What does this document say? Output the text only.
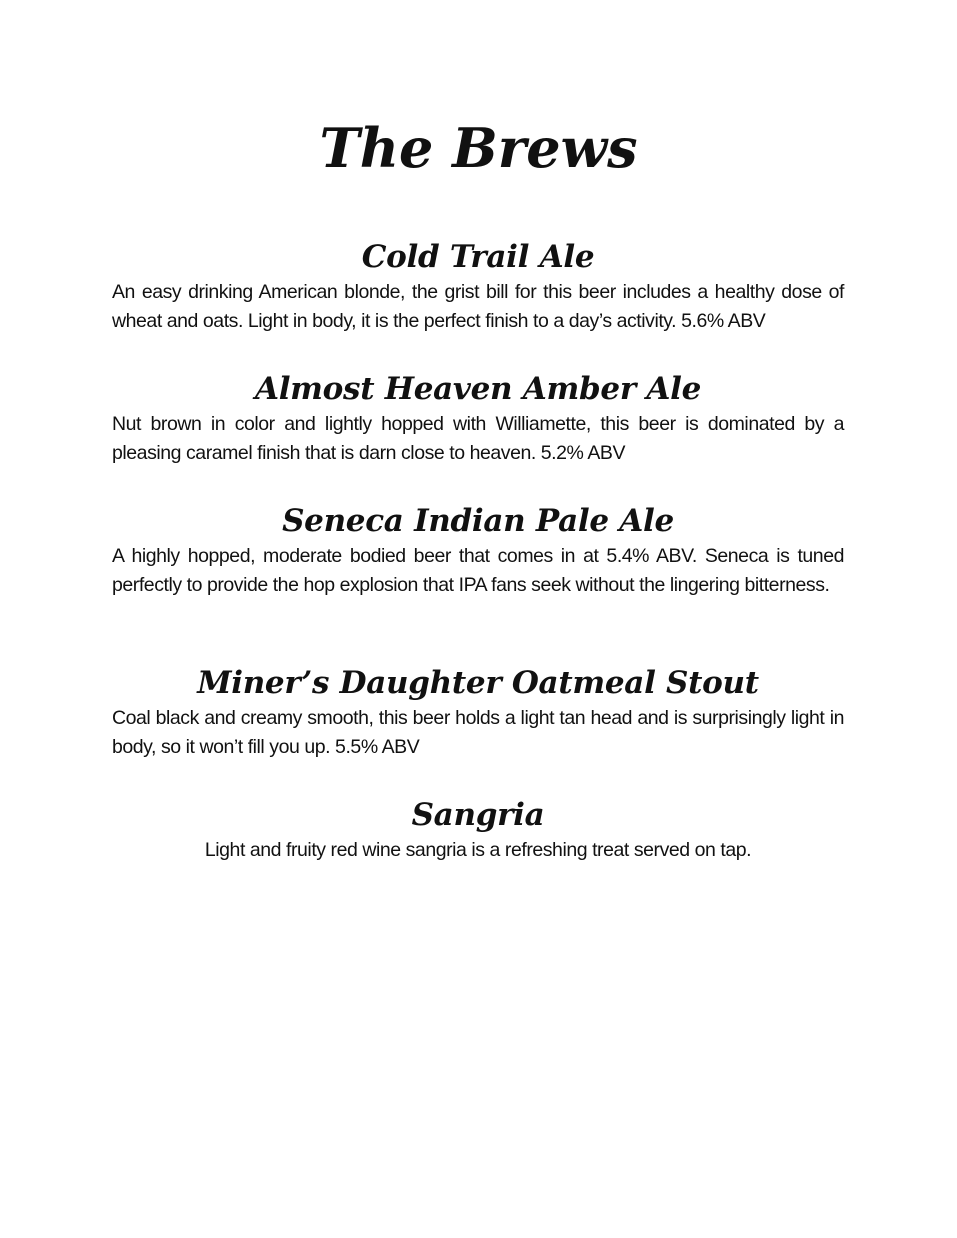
The Brews
Cold Trail Ale

An easy drinking American blonde, the grist bill for this beer includes a healthy dose of wheat and oats. Light in body, it is the perfect finish to a day’s activity. 5.6% ABV

Almost Heaven Amber Ale

Nut brown in color and lightly hopped with Williamette, this beer is dominated by a pleasing caramel finish that is darn close to heaven. 5.2% ABV

Seneca Indian Pale Ale

A highly hopped, moderate bodied beer that comes in at 5.4% ABV. Seneca is tuned perfectly to provide the hop explosion that IPA fans seek without the lingering bitterness.

Miner’s Daughter Oatmeal Stout

Coal black and creamy smooth, this beer holds a light tan head and is surprisingly light in body, so it won’t fill you up. 5.5% ABV

Sangria

Light and fruity red wine sangria is a refreshing treat served on tap.
